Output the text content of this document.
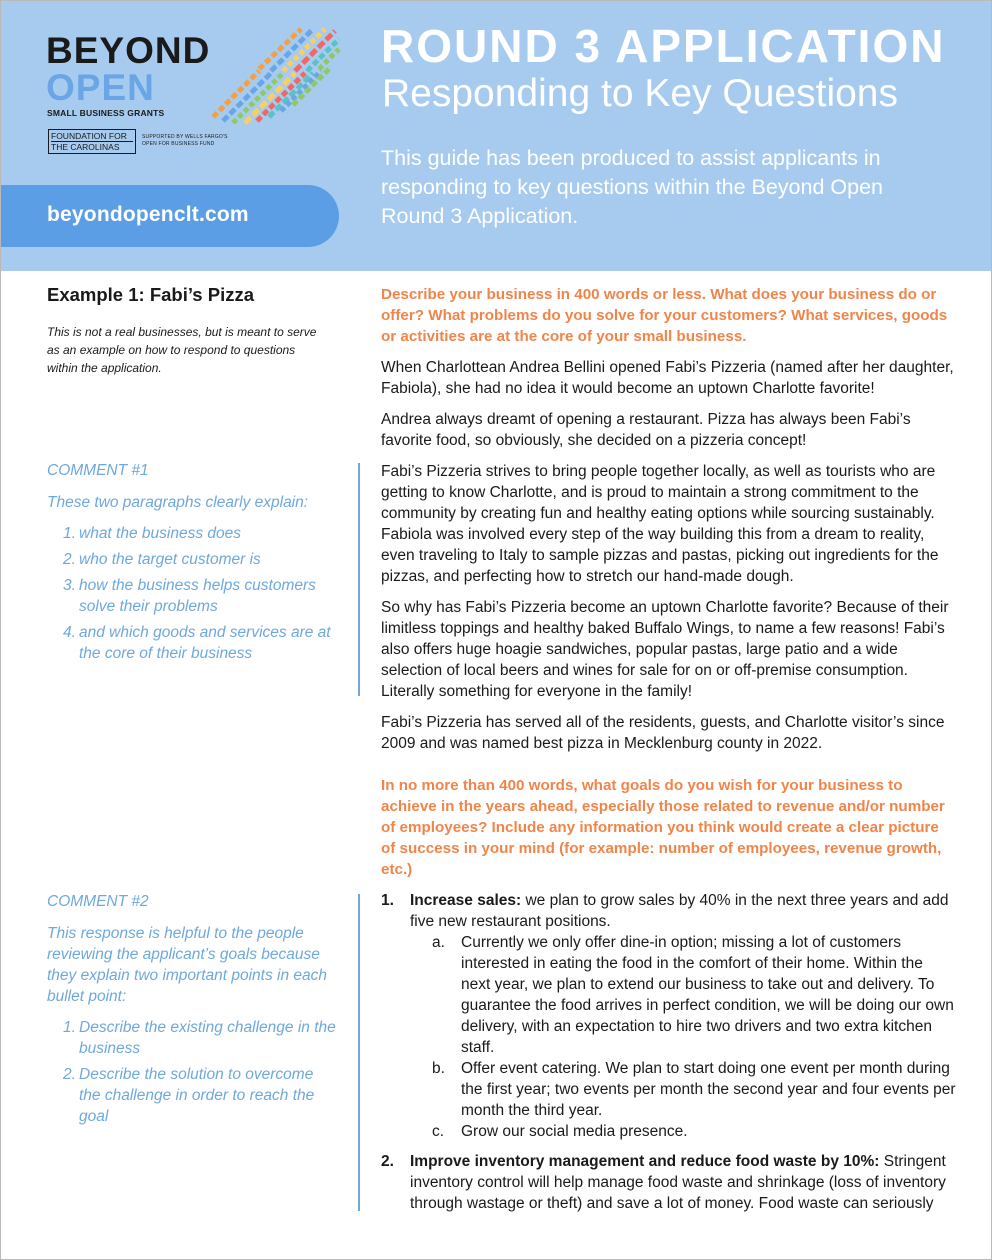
BEYOND
OPEN
SMALL BUSINESS GRANTS
FOUNDATION FOR
THE CAROLINAS
SUPPORTED BY WELLS FARGO'S
OPEN FOR BUSINESS FUND
beyondopenclt.com
ROUND 3 APPLICATION
Responding to Key Questions
This guide has been produced to assist applicants in responding to key questions within the Beyond Open Round 3 Application.
Example 1: Fabi’s Pizza
This is not a real businesses, but is meant to serve as an example on how to respond to questions within the application.
COMMENT #1
These two paragraphs clearly explain:
1. what the business does
2. who the target customer is
3. how the business helps customers solve their problems
4. and which goods and services are at the core of their business
COMMENT #2
This response is helpful to the people reviewing the applicant’s goals because they explain two important points in each bullet point:
1. Describe the existing challenge in the business
2. Describe the solution to overcome the challenge in order to reach the goal
Describe your business in 400 words or less. What does your business do or offer? What problems do you solve for your customers? What services, goods or activities are at the core of your small business.

When Charlottean Andrea Bellini opened Fabi’s Pizzeria (named after her daughter, Fabiola), she had no idea it would become an uptown Charlotte favorite!

Andrea always dreamt of opening a restaurant. Pizza has always been Fabi’s favorite food, so obviously, she decided on a pizzeria concept!

Fabi’s Pizzeria strives to bring people together locally, as well as tourists who are getting to know Charlotte, and is proud to maintain a strong commitment to the community by creating fun and healthy eating options while sourcing sustainably. Fabiola was involved every step of the way building this from a dream to reality, even traveling to Italy to sample pizzas and pastas, picking out ingredients for the pizzas, and perfecting how to stretch our hand-made dough.

So why has Fabi’s Pizzeria become an uptown Charlotte favorite? Because of their limitless toppings and healthy baked Buffalo Wings, to name a few reasons! Fabi’s also offers huge hoagie sandwiches, popular pastas, large patio and a wide selection of local beers and wines for sale for on or off-premise consumption. Literally something for everyone in the family!

Fabi’s Pizzeria has served all of the residents, guests, and Charlotte visitor’s since 2009 and was named best pizza in Mecklenburg county in 2022.

In no more than 400 words, what goals do you wish for your business to achieve in the years ahead, especially those related to revenue and/or number of employees? Include any information you think would create a clear picture of success in your mind (for example: number of employees, revenue growth, etc.)
1. Increase sales: we plan to grow sales by 40% in the next three years and add five new restaurant positions.
a. Currently we only offer dine-in option; missing a lot of customers interested in eating the food in the comfort of their home. Within the next year, we plan to extend our business to take out and delivery. To guarantee the food arrives in perfect condition, we will be doing our own delivery, with an expectation to hire two drivers and two extra kitchen staff.
b. Offer event catering. We plan to start doing one event per month during the first year; two events per month the second year and four events per month the third year.
c. Grow our social media presence.
2. Improve inventory management and reduce food waste by 10%: Stringent inventory control will help manage food waste and shrinkage (loss of inventory through wastage or theft) and save a lot of money. Food waste can seriously
